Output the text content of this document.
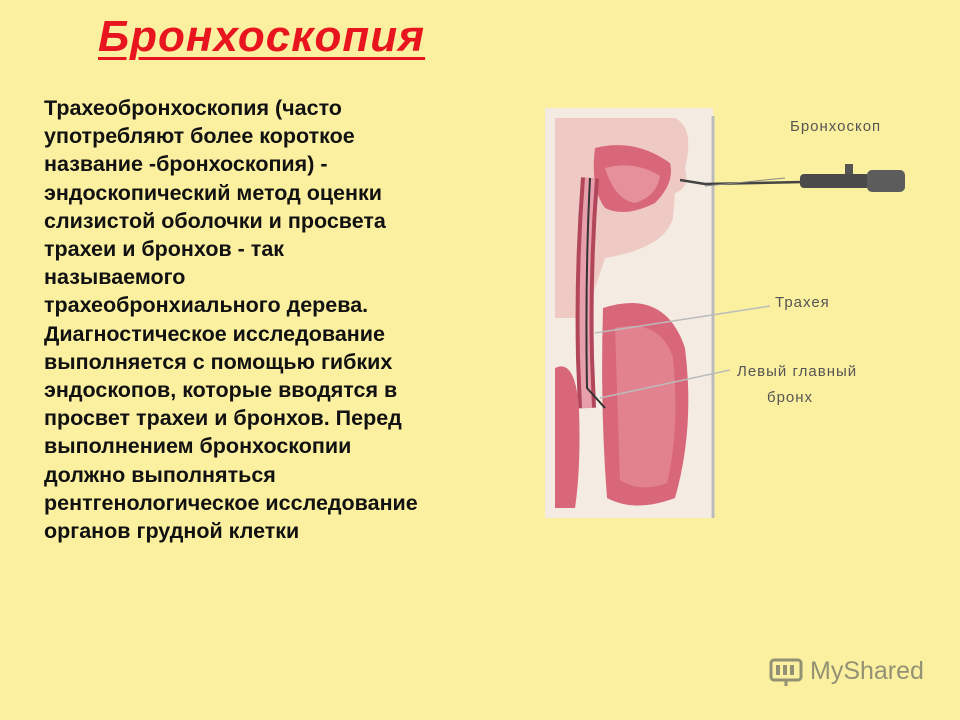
Бронхоскопия
Трахеобронхоскопия (часто
употребляют более короткое
название -бронхоскопия) -
эндоскопический метод оценки
слизистой оболочки и просвета
трахеи и бронхов - так
называемого
трахеобронхиального дерева.
Диагностическое исследование
выполняется с помощью гибких
эндоскопов, которые вводятся в
просвет трахеи и бронхов. Перед
выполнением бронхоскопии
должно выполняться
рентгенологическое исследование
органов грудной клетки
Бронхоскоп
Трахея
Левый главный
бронх
MyShared
